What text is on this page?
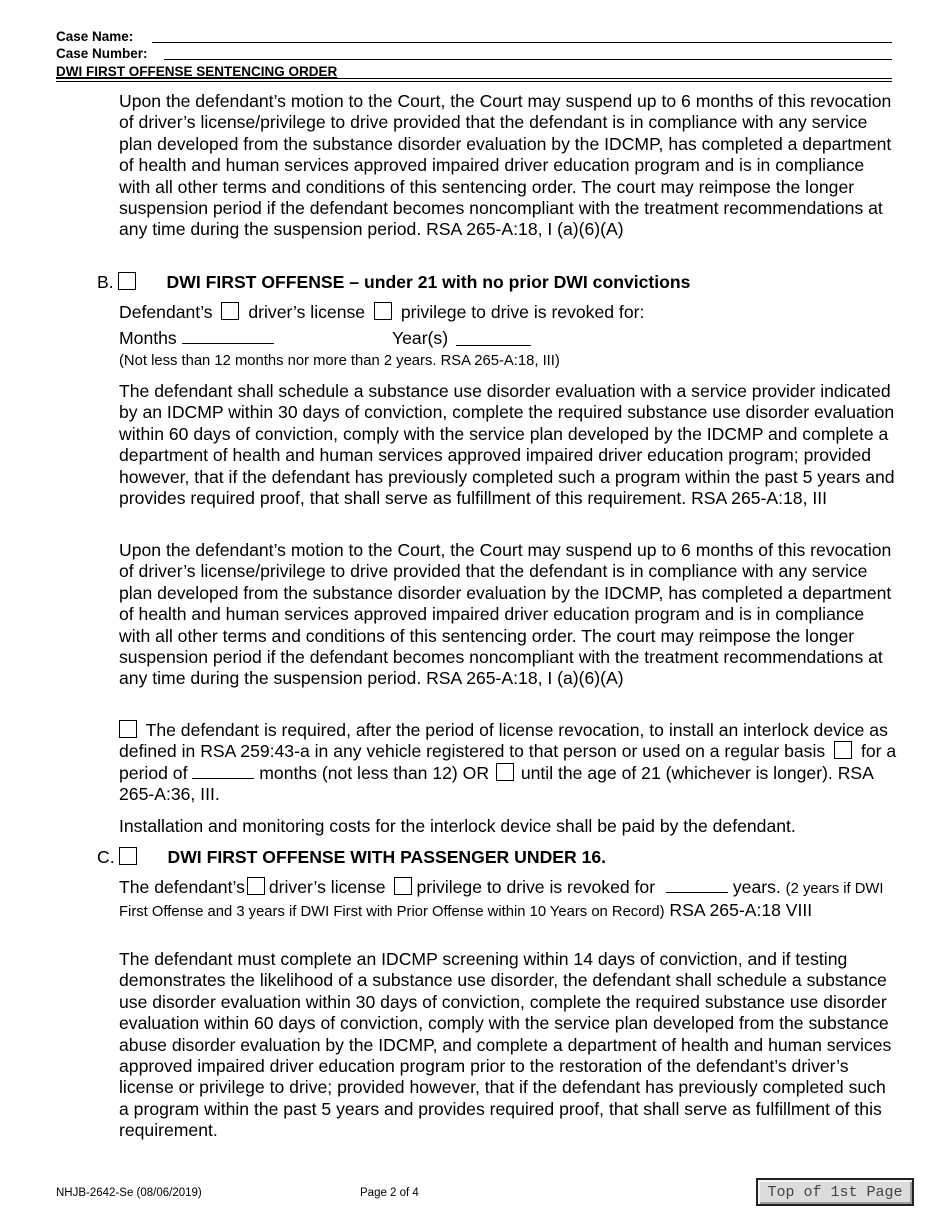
Case Name:
Case Number:
DWI FIRST OFFENSE SENTENCING ORDER
Upon the defendant’s motion to the Court, the Court may suspend up to 6 months of this revocation of driver’s license/privilege to drive provided that the defendant is in compliance with any service plan developed from the substance disorder evaluation by the IDCMP, has completed a department of health and human services approved impaired driver education program and is in compliance with all other terms and conditions of this sentencing order. The court may reimpose the longer suspension period if the defendant becomes noncompliant with the treatment recommendations at any time during the suspension period. RSA 265-A:18, I (a)(6)(A)
B.	DWI FIRST OFFENSE – under 21 with no prior DWI convictions
Defendant’s driver’s license privilege to drive is revoked for:
Months	Year(s)
(Not less than 12 months nor more than 2 years. RSA 265-A:18, III)
The defendant shall schedule a substance use disorder evaluation with a service provider indicated by an IDCMP within 30 days of conviction, complete the required substance use disorder evaluation within 60 days of conviction, comply with the service plan developed by the IDCMP and complete a department of health and human services approved impaired driver education program; provided however, that if the defendant has previously completed such a program within the past 5 years and provides required proof, that shall serve as fulfillment of this requirement. RSA 265-A:18, III
Upon the defendant’s motion to the Court, the Court may suspend up to 6 months of this revocation of driver’s license/privilege to drive provided that the defendant is in compliance with any service plan developed from the substance disorder evaluation by the IDCMP, has completed a department of health and human services approved impaired driver education program and is in compliance with all other terms and conditions of this sentencing order. The court may reimpose the longer suspension period if the defendant becomes noncompliant with the treatment recommendations at any time during the suspension period. RSA 265-A:18, I (a)(6)(A)
The defendant is required, after the period of license revocation, to install an interlock device as defined in RSA 259:43-a in any vehicle registered to that person or used on a regular basis for a period of	months (not less than 12) OR until the age of 21 (whichever is longer). RSA 265-A:36, III.
Installation and monitoring costs for the interlock device shall be paid by the defendant.
C.	DWI FIRST OFFENSE WITH PASSENGER UNDER 16.
The defendant’s driver’s license privilege to drive is revoked for	years. (2 years if DWI First Offense and 3 years if DWI First with Prior Offense within 10 Years on Record) RSA 265-A:18 VIII
The defendant must complete an IDCMP screening within 14 days of conviction, and if testing demonstrates the likelihood of a substance use disorder, the defendant shall schedule a substance use disorder evaluation within 30 days of conviction, complete the required substance use disorder evaluation within 60 days of conviction, comply with the service plan developed from the substance abuse disorder evaluation by the IDCMP, and complete a department of health and human services approved impaired driver education program prior to the restoration of the defendant’s driver’s license or privilege to drive; provided however, that if the defendant has previously completed such a program within the past 5 years and provides required proof, that shall serve as fulfillment of this requirement.
NHJB-2642-Se (08/06/2019)	Page 2 of 4	Top of 1st Page
